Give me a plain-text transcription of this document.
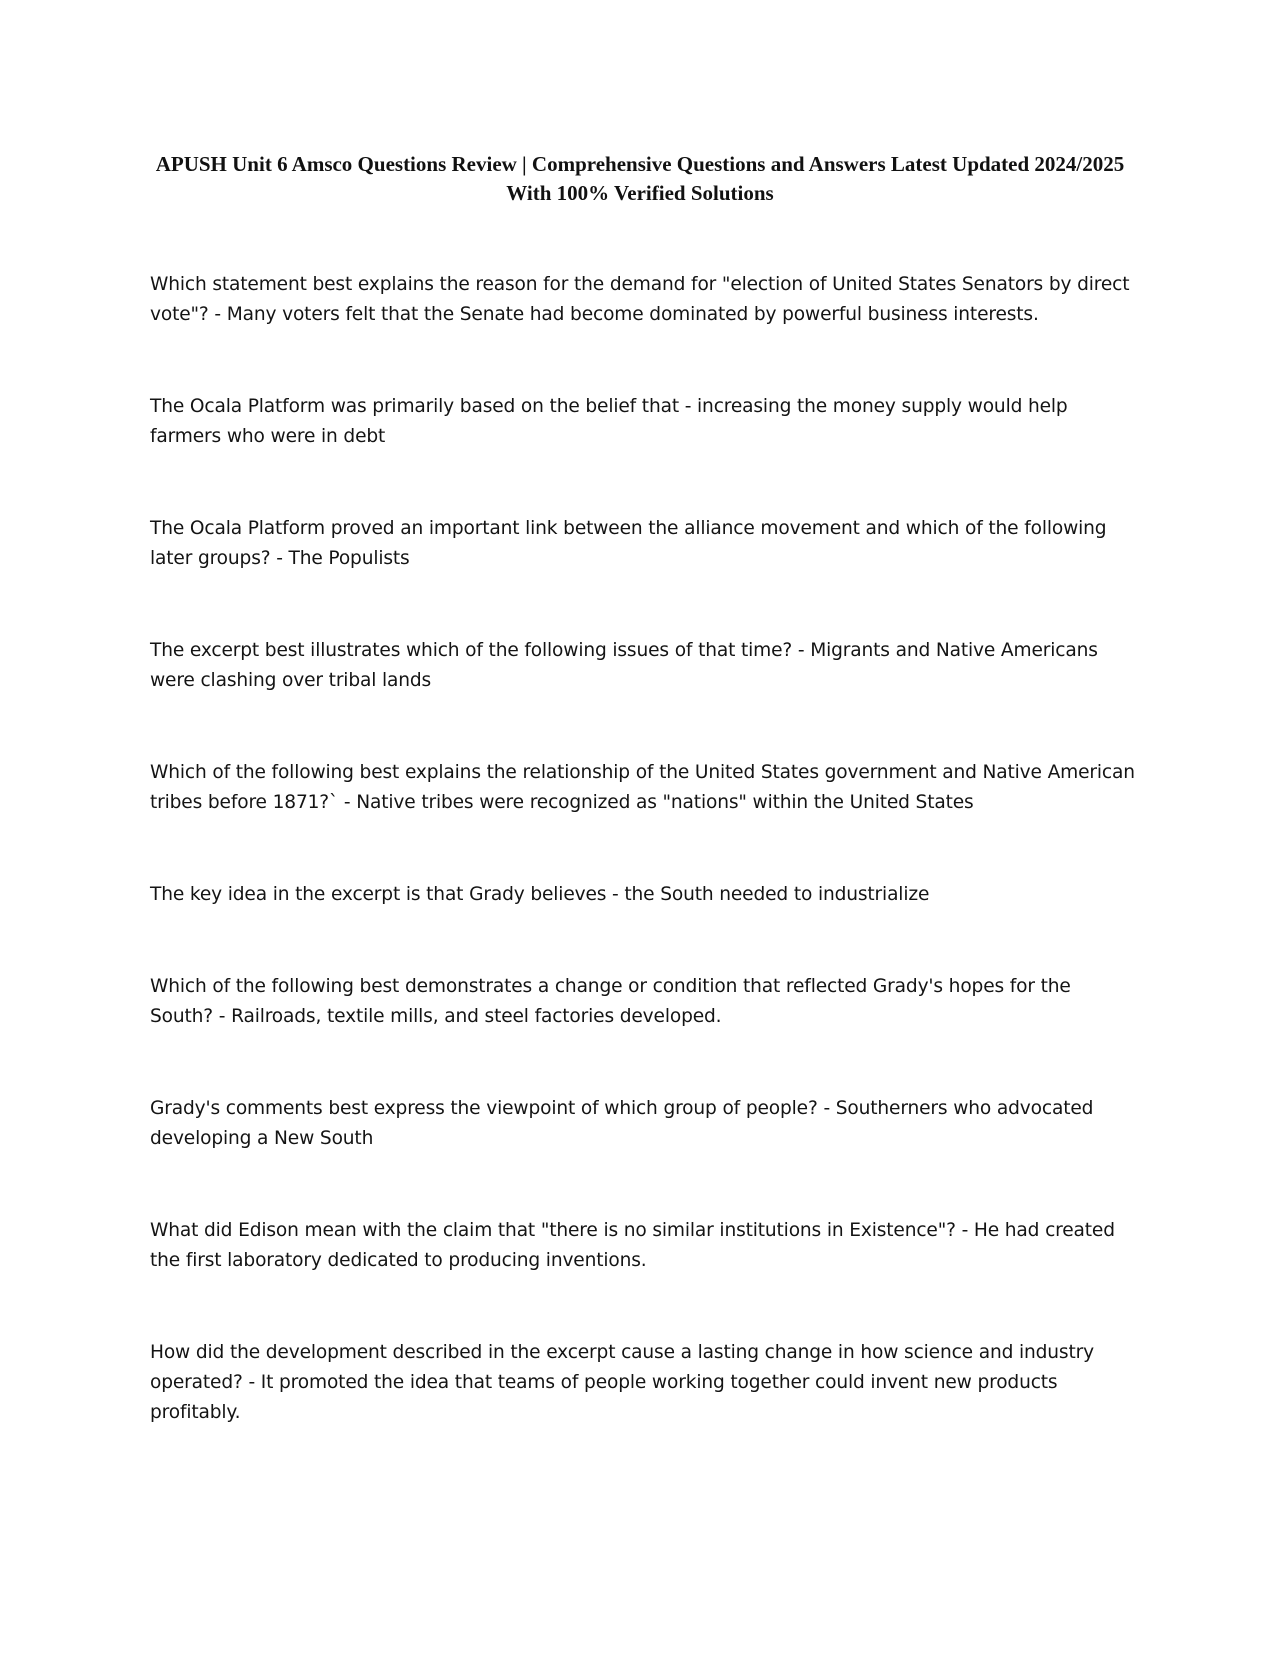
APUSH Unit 6 Amsco Questions Review | Comprehensive Questions and Answers Latest Updated 2024/2025 With 100% Verified Solutions
Which statement best explains the reason for the demand for "election of United States Senators by direct vote"? - Many voters felt that the Senate had become dominated by powerful business interests.
The Ocala Platform was primarily based on the belief that - increasing the money supply would help farmers who were in debt
The Ocala Platform proved an important link between the alliance movement and which of the following later groups? - The Populists
The excerpt best illustrates which of the following issues of that time? - Migrants and Native Americans were clashing over tribal lands
Which of the following best explains the relationship of the United States government and Native American tribes before 1871?` - Native tribes were recognized as "nations" within the United States
The key idea in the excerpt is that Grady believes - the South needed to industrialize
Which of the following best demonstrates a change or condition that reflected Grady's hopes for the South? - Railroads, textile mills, and steel factories developed.
Grady's comments best express the viewpoint of which group of people? - Southerners who advocated developing a New South
What did Edison mean with the claim that "there is no similar institutions in Existence"? - He had created the first laboratory dedicated to producing inventions.
How did the development described in the excerpt cause a lasting change in how science and industry operated? - It promoted the idea that teams of people working together could invent new products profitably.
